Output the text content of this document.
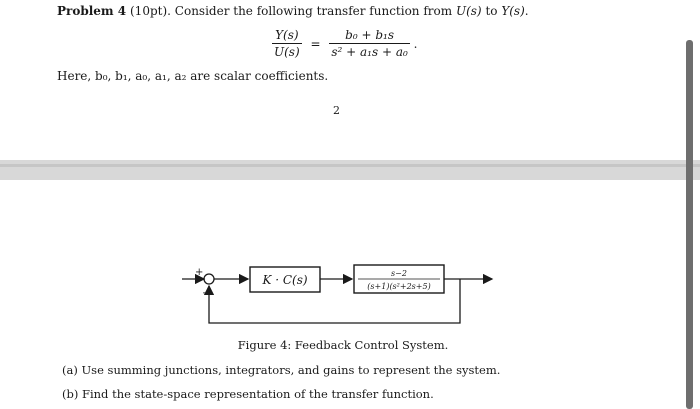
Problem 4 (10pt). Consider the following transfer function from U(s) to Y(s).
$\frac{Y(s)}{U(s)} = \frac{\text{b₀ + b₁s}}{\text{s² + a₁s + a₀}}$ .
Here, b₀, b₁, a₀, a₁, a₂ are scalar coefficients.
2
+
−
K · C(s)	s−2
(s+1)(s²+2s+5)
Figure 4: Feedback Control System.
(a) Use summing junctions, integrators, and gains to represent the system.
(b) Find the state-space representation of the transfer function.
